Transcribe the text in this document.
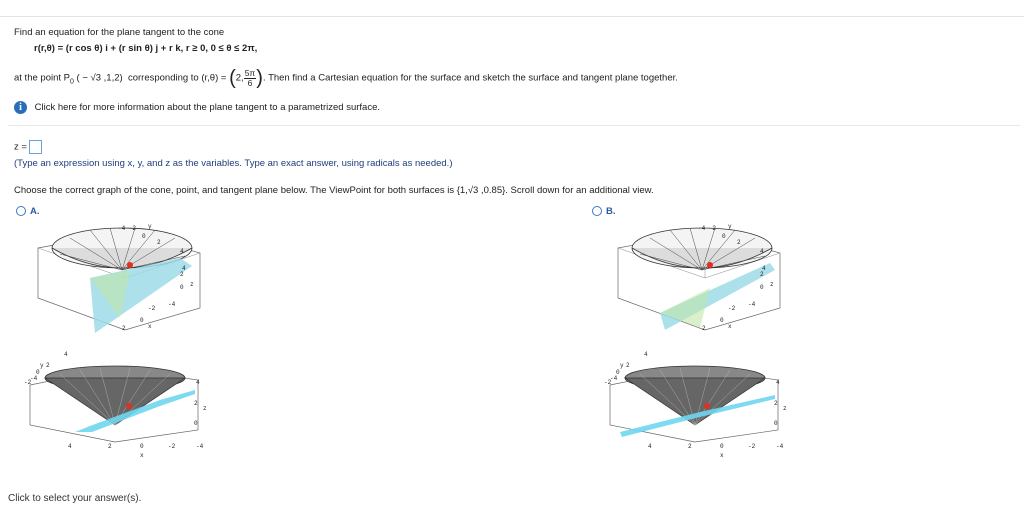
Find an equation for the plane tangent to the cone
r(r,θ) = (r cos θ) i + (r sin θ) j + r k, r ≥ 0, 0 ≤ θ ≤ 2π,
at the point $P_0$ ( − √3 ,1,2) corresponding to (r,θ) = (2, $\frac{5\pi}{6}$ ). Then find a Cartesian equation for the surface and sketch the surface and tangent plane together.
i Click here for more information about the plane tangent to a parametrized surface.
z =
(Type an expression using x, y, and z as the variables. Type an exact answer, using radicals as needed.)
Choose the correct graph of the cone, point, and tangent plane below. The ViewPoint for both surfaces is {1,√3 ,0.85}. Scroll down for an additional view.
A.	B.
-4 -2 y
0
2
4
2
0 z
4
-2
-4
0
2	x
4
y 2
0
-4
-2	4
2
z
0
4	2	0	-2	-4
x
-4 -2 y
0
2
4
2
0 z
4
-2
-4
0
2	x
4
y 2
0
-4
-2	4
2
z
0
4	2	0	-2	-4
x
Click to select your answer(s).
